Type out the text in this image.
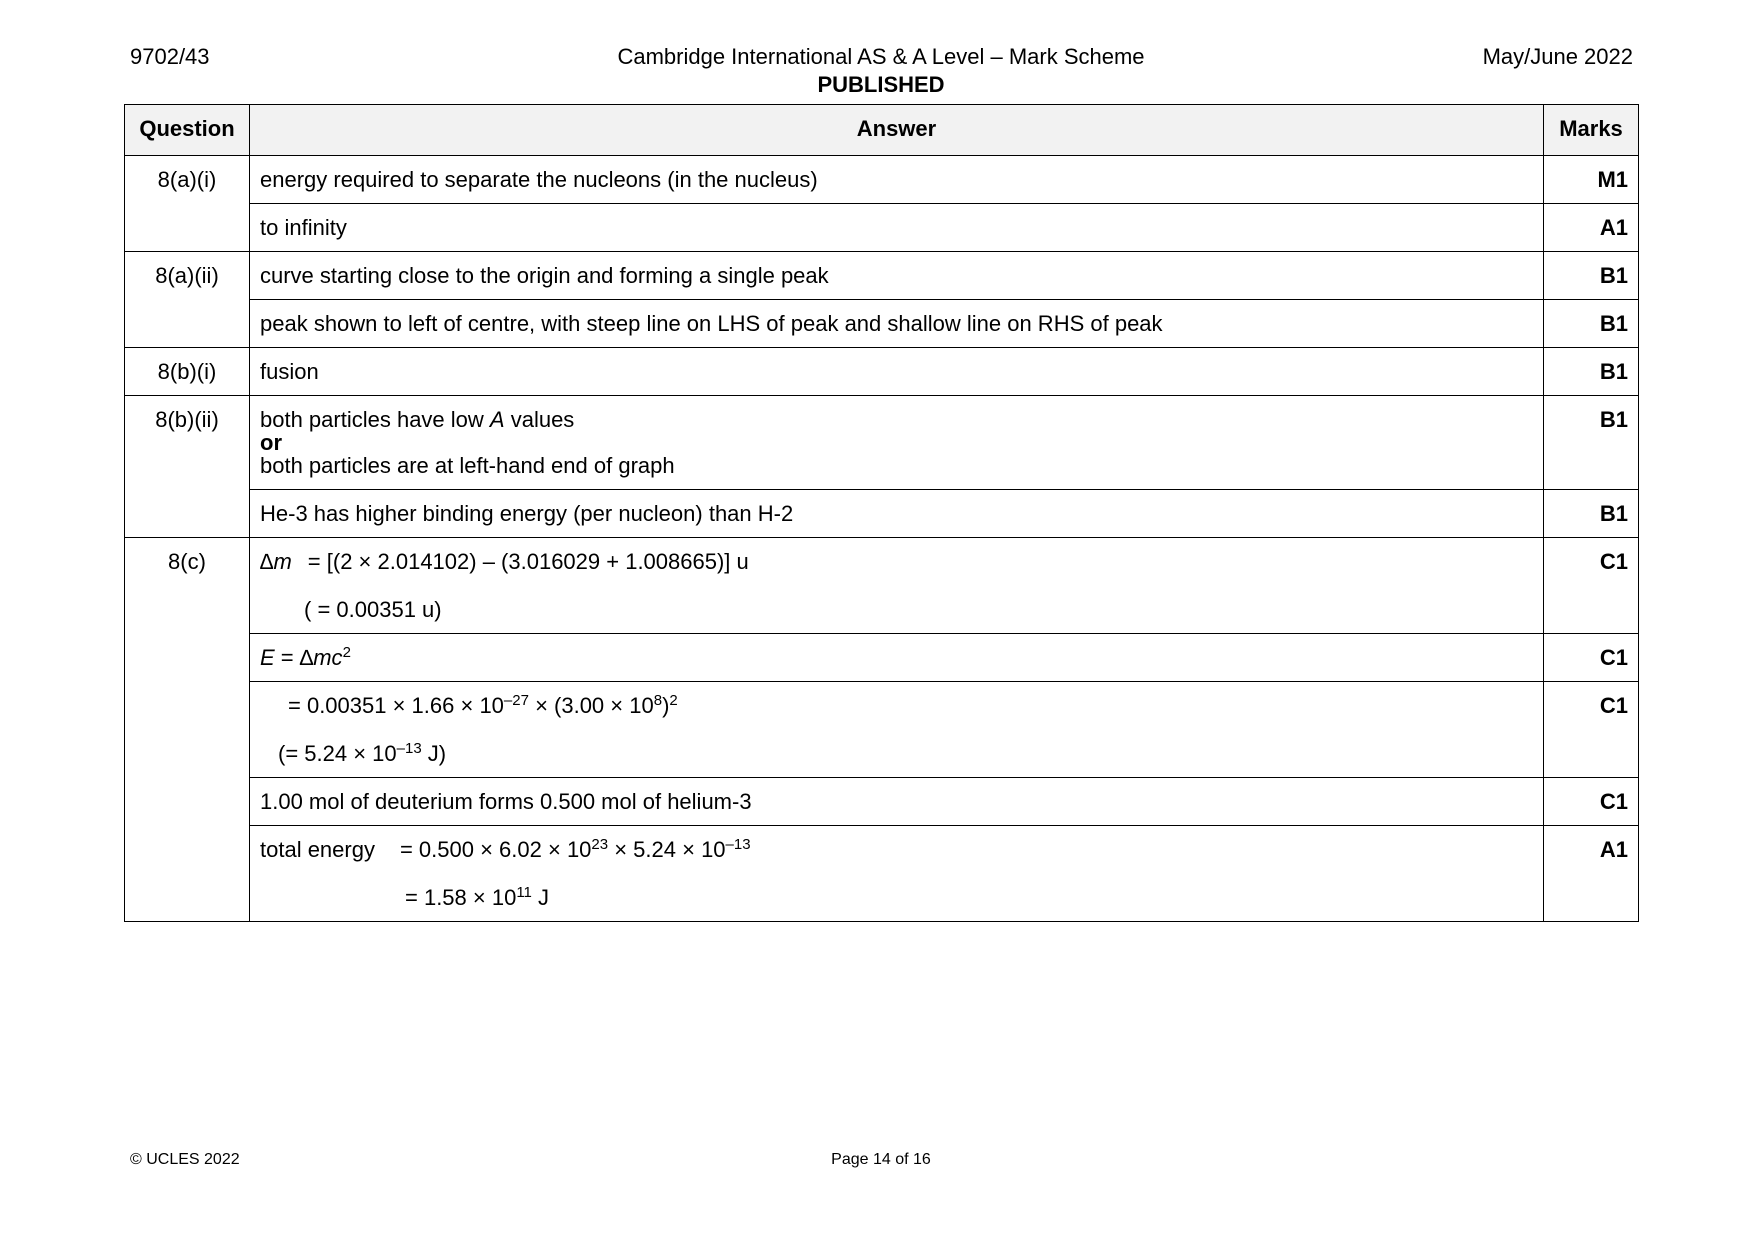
9702/43	Cambridge International AS & A Level – Mark Scheme
PUBLISHED
May/June 2022
Question	Answer	Marks
8(a)(i)	energy required to separate the nucleons (in the nucleus)	M1
	to infinity	A1
8(a)(ii)	curve starting close to the origin and forming a single peak	B1
	peak shown to left of centre, with steep line on LHS of peak and shallow line on RHS of peak	B1
8(b)(i)	fusion	B1
8(b)(ii)	both particles have low A values
or
both particles are at left-hand end of graph	B1
	He-3 has higher binding energy (per nucleon) than H-2	B1
8(c)	∆m = [(2 × 2.014102) – (3.016029 + 1.008665)] u
( = 0.00351 u)	C1
	$E = \Delta mc^2$	C1

	= $0.00351 \times 1.66 \times 10^{-27} \times (3.00 \times 10^8)^2$
(= $5.24 \times 10^{-13}$ J)	C1
	1.00 mol of deuterium forms 0.500 mol of helium-3	C1

	total energy = $0.500 \times 6.02 \times 10^{23} \times 5.24 \times 10^{-13}$
= $1.58 \times 10^{11}$ J	A1
© UCLES 2022	Page 14 of 16
